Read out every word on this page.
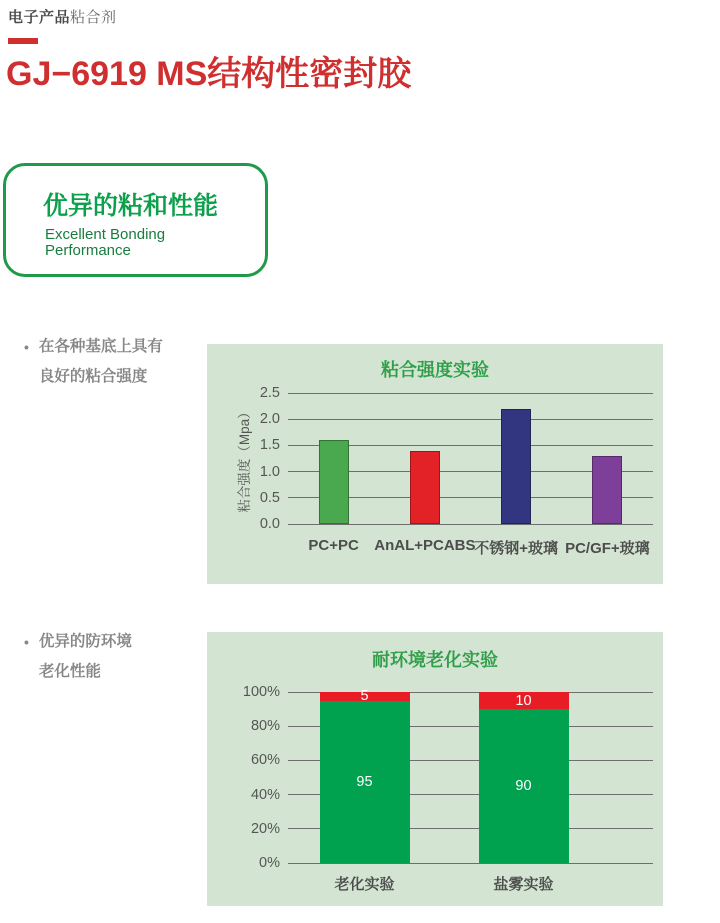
电子产品粘合剂
GJ−6919 MS结构性密封胶
优异的粘和性能
Excellent Bonding
Performance
• 在各种基底上具有
良好的粘合强度	粘合强度实验
粘合强度（Mpa）
0.0
0.5
1.0
1.5
2.0
2.5
PC+PC	AnAL+PCABS
不锈钢+玻璃 PC/GF+玻璃
• 优异的防环境
老化性能
耐环境老化实验
0%
20%
40%
60%
80%
100%
95
5
老化实验
90
10
盐雾实验
